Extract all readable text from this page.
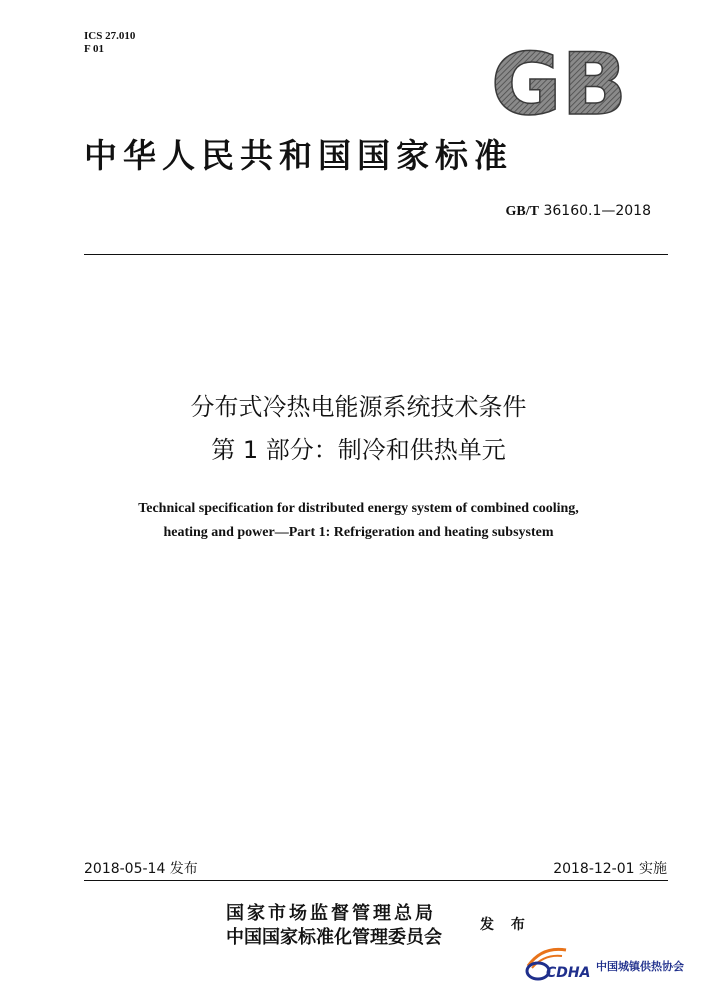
ICS 27.010
F 01	GB
中华人民共和国国家标准
GB/T 36160.1—2018
分布式冷热电能源系统技术条件
第 1 部分：制冷和供热单元
Technical specification for distributed energy system of combined cooling,
heating and power—Part 1: Refrigeration and heating subsystem
2018-05-14 发布	2018-12-01 实施
国家市场监督管理总局
中国国家标准化管理委员会
发 布
CDHA 中国城镇供热协会
